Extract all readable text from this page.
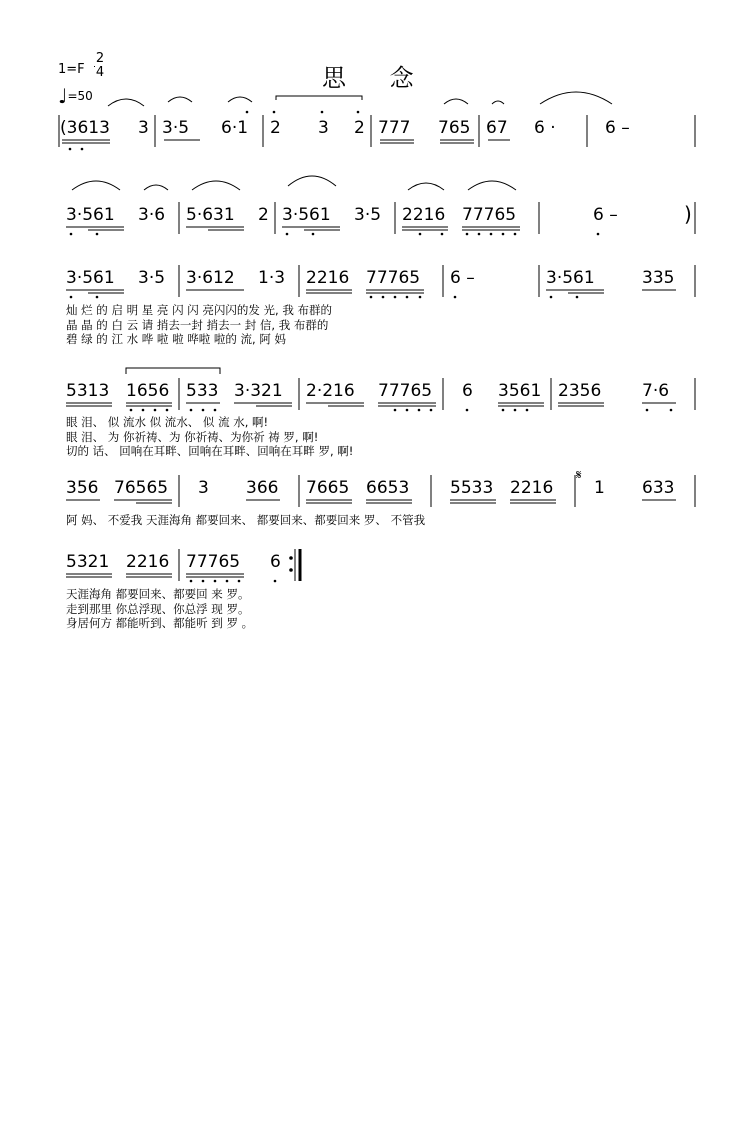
1=F
2
4
♩=50
思 念
(3613 3 3·5 6·1 2 3 2 777 765 67 6 ·	6 –
3·561 3·6 5·631 2 3·561 3·5 2216 77765	6 –	)
3·561 3·5 3·612 1·3 2216 77765 6 –	3·561	335
灿 烂 的 启 明 星 亮 闪 闪 亮闪闪的发 光, 我 布群的
晶 晶 的 白 云 请 捎去一封 捎去一 封 信, 我 布群的
碧 绿 的 江 水 哗 啦 啦 哗啦 啦的 流, 阿 妈
5313 1656 533 3·321 2·216 77765 6 3561 2356 7·6
眼 泪、 似 流水 似 流水、 似 流 水, 啊!
眼 泪、 为 你祈祷、为 你祈祷、为你祈 祷 罗, 啊!
切的 话、 回响在耳畔、回响在耳畔、回响在耳畔 罗, 啊!
356 76565 3 366 7665 6653 5533 2216 1 633
阿 妈、 不爱我 天涯海角 都要回来、 都要回来、都要回来 罗、 不管我
5321 2216 77765 6
天涯海角 都要回来、都要回 来 罗。
走到那里 你总浮现、你总浮 现 罗。
身居何方 都能听到、都能听 到 罗 。
𝄋
